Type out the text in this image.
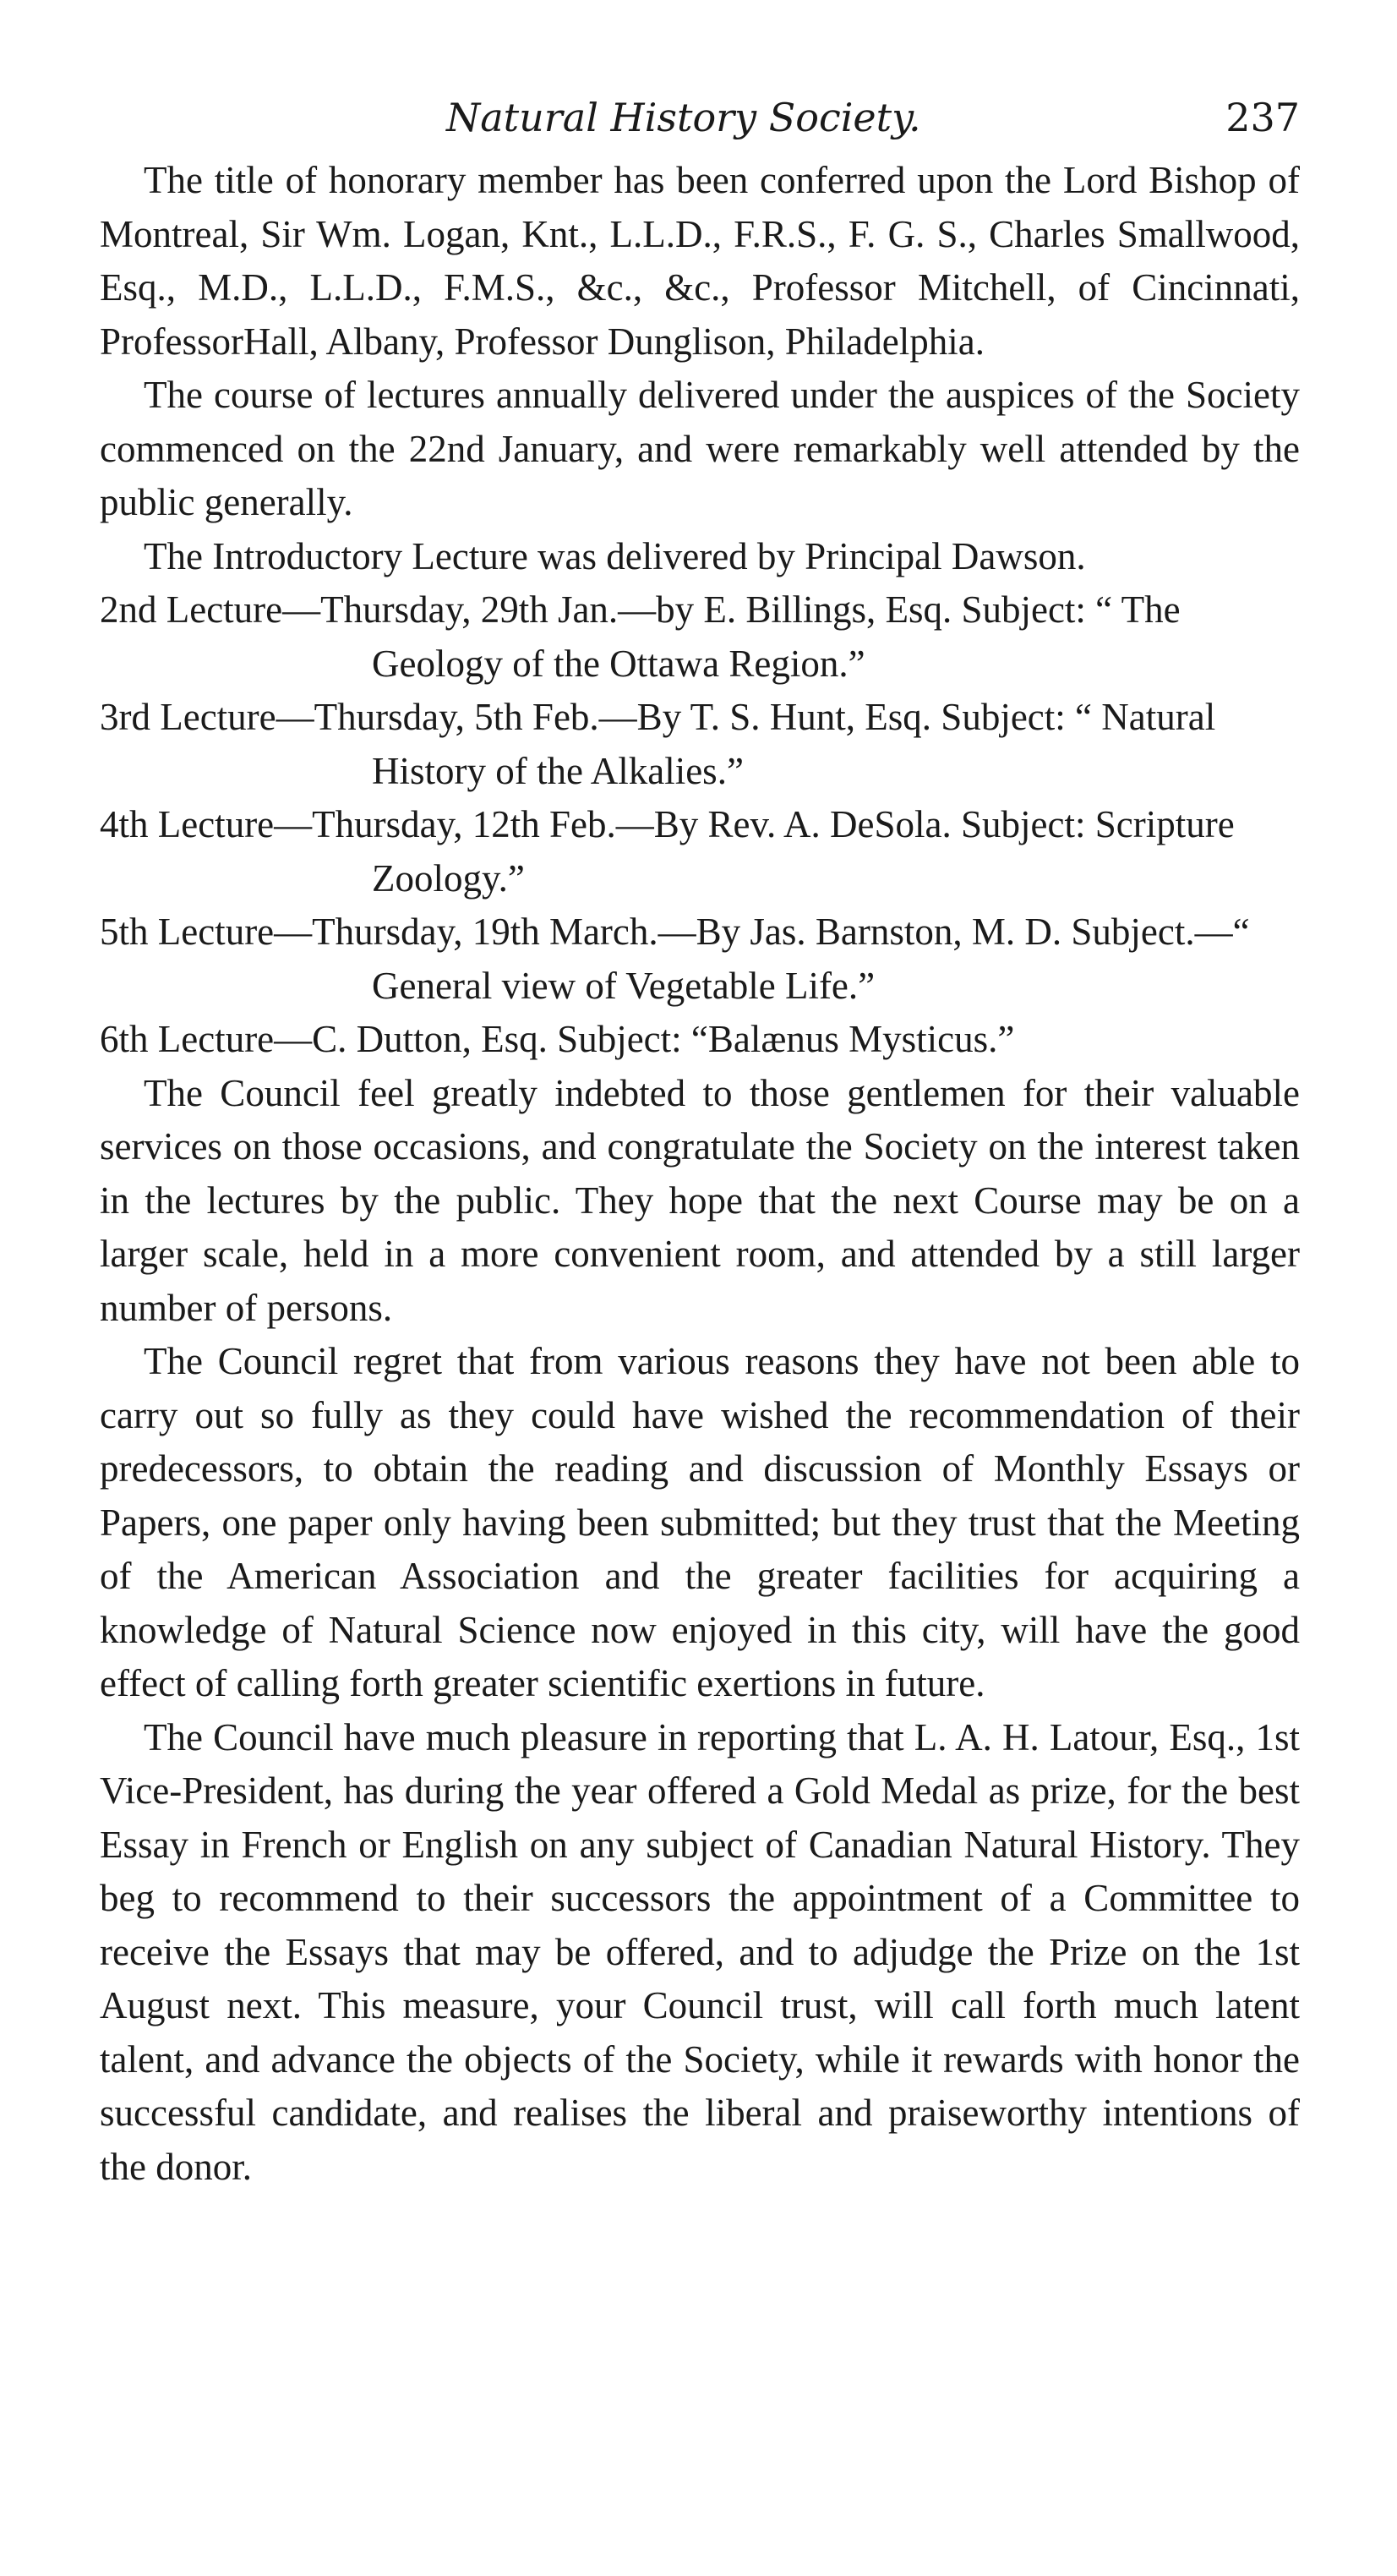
Natural History Society.	237

The title of honorary member has been conferred upon the Lord Bishop of Montreal, Sir Wm. Logan, Knt., L.L.D., F.R.S., F. G. S., Charles Smallwood, Esq., M.D., L.L.D., F.M.S., &c., &c., Professor Mitchell, of Cincinnati, ProfessorHall, Albany, Professor Dunglison, Philadelphia.

The course of lectures annually delivered under the auspices of the Society commenced on the 22nd January, and were remarkably well attended by the public generally.

The Introductory Lecture was delivered by Principal Dawson.

2nd Lecture—Thursday, 29th Jan.—by E. Billings, Esq. Subject: “ The Geology of the Ottawa Region.”

3rd Lecture—Thursday, 5th Feb.—By T. S. Hunt, Esq. Subject: “ Natural History of the Alkalies.”

4th Lecture—Thursday, 12th Feb.—By Rev. A. DeSola. Subject: Scripture Zoology.”

5th Lecture—Thursday, 19th March.—By Jas. Barnston, M. D. Subject.—“ General view of Vegetable Life.”

6th Lecture—C. Dutton, Esq. Subject: “Balænus Mysticus.”

The Council feel greatly indebted to those gentlemen for their valuable services on those occasions, and congratulate the Society on the interest taken in the lectures by the public. They hope that the next Course may be on a larger scale, held in a more convenient room, and attended by a still larger number of persons.

The Council regret that from various reasons they have not been able to carry out so fully as they could have wished the recommendation of their predecessors, to obtain the reading and discussion of Monthly Essays or Papers, one paper only having been submitted; but they trust that the Meeting of the American Association and the greater facilities for acquiring a knowledge of Natural Science now enjoyed in this city, will have the good effect of calling forth greater scientific exertions in future.

The Council have much pleasure in reporting that L. A. H. Latour, Esq., 1st Vice-President, has during the year offered a Gold Medal as prize, for the best Essay in French or English on any subject of Canadian Natural History. They beg to recommend to their successors the appointment of a Committee to receive the Essays that may be offered, and to adjudge the Prize on the 1st August next. This measure, your Council trust, will call forth much latent talent, and advance the objects of the Society, while it rewards with honor the successful candidate, and realises the liberal and praiseworthy intentions of the donor.
